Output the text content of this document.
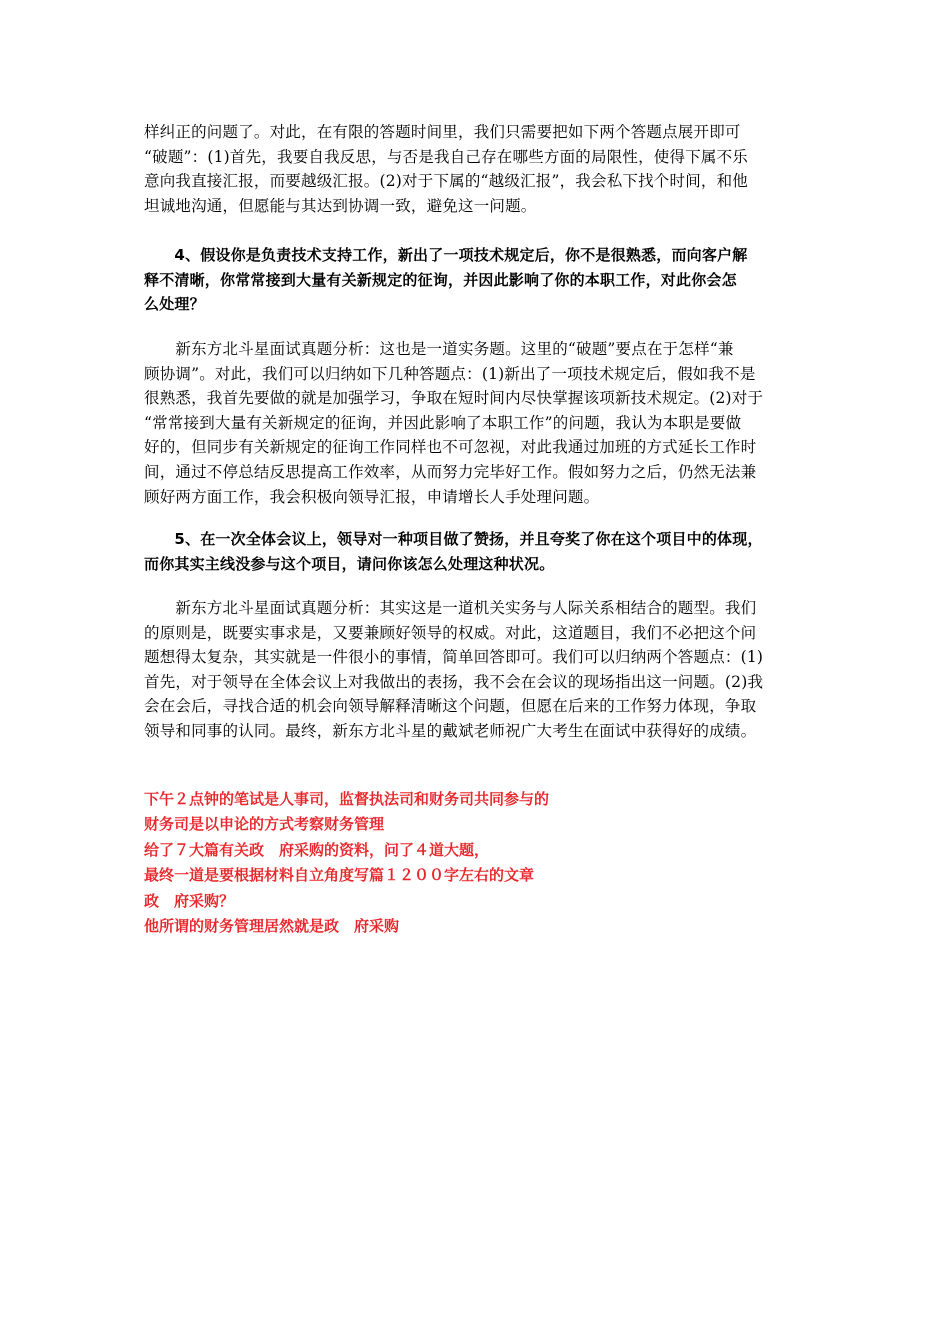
样纠正的问题了。对此，在有限的答题时间里，我们只需要把如下两个答题点展开即可
“破题”：(1)首先，我要自我反思，与否是我自己存在哪些方面的局限性，使得下属不乐
意向我直接汇报，而要越级汇报。(2)对于下属的“越级汇报”，我会私下找个时间，和他
坦诚地沟通，但愿能与其达到协调一致，避免这一问题。
　　4、假设你是负责技术支持工作，新出了一项技术规定后，你不是很熟悉，而向客户解
释不清晰，你常常接到大量有关新规定的征询，并因此影响了你的本职工作，对此你会怎
么处理？
　　新东方北斗星面试真题分析：这也是一道实务题。这里的“破题”要点在于怎样“兼
顾协调”。对此，我们可以归纳如下几种答题点：(1)新出了一项技术规定后，假如我不是
很熟悉，我首先要做的就是加强学习，争取在短时间内尽快掌握该项新技术规定。(2)对于
“常常接到大量有关新规定的征询，并因此影响了本职工作”的问题，我认为本职是要做
好的，但同步有关新规定的征询工作同样也不可忽视，对此我通过加班的方式延长工作时
间，通过不停总结反思提高工作效率，从而努力完毕好工作。假如努力之后，仍然无法兼
顾好两方面工作，我会积极向领导汇报，申请增长人手处理问题。
　　5、在一次全体会议上，领导对一种项目做了赞扬，并且夸奖了你在这个项目中的体现，
而你其实主线没参与这个项目，请问你该怎么处理这种状况。
　　新东方北斗星面试真题分析：其实这是一道机关实务与人际关系相结合的题型。我们
的原则是，既要实事求是，又要兼顾好领导的权威。对此，这道题目，我们不必把这个问
题想得太复杂，其实就是一件很小的事情，简单回答即可。我们可以归纳两个答题点：(1)
首先，对于领导在全体会议上对我做出的表扬，我不会在会议的现场指出这一问题。(2)我
会在会后，寻找合适的机会向领导解释清晰这个问题，但愿在后来的工作努力体现，争取
领导和同事的认同。最终，新东方北斗星的戴斌老师祝广大考生在面试中获得好的成绩。
下午２点钟的笔试是人事司，监督执法司和财务司共同参与的
财务司是以申论的方式考察财务管理
给了７大篇有关政　府采购的资料，问了４道大题，
最终一道是要根据材料自立角度写篇１２００字左右的文章
政　府采购？
他所谓的财务管理居然就是政　府采购
